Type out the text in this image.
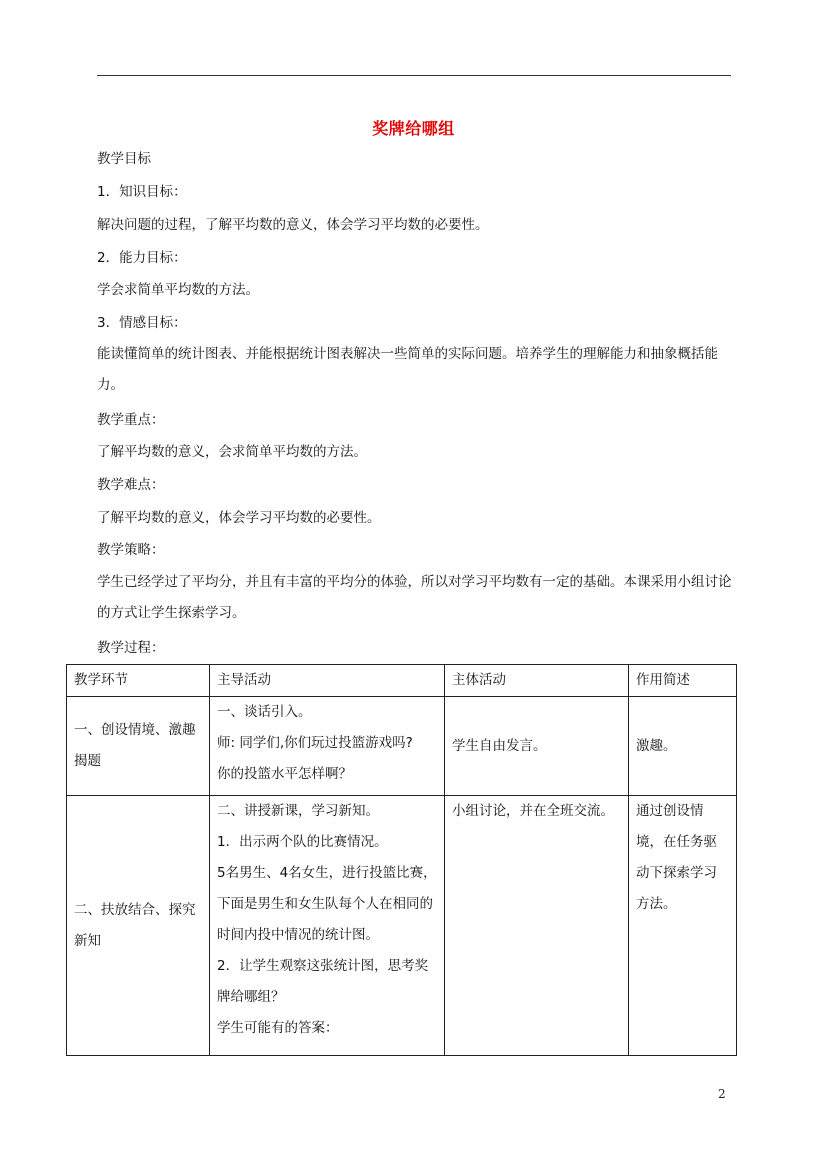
奖牌给哪组
教学目标
1．知识目标：
解决问题的过程，了解平均数的意义，体会学习平均数的必要性。
2．能力目标：
学会求简单平均数的方法。
3．情感目标：
能读懂简单的统计图表、并能根据统计图表解决一些简单的实际问题。培养学生的理解能力和抽象概括能力。
教学重点：
了解平均数的意义，会求简单平均数的方法。
教学难点：
了解平均数的意义，体会学习平均数的必要性。
教学策略：
学生已经学过了平均分，并且有丰富的平均分的体验，所以对学习平均数有一定的基础。本课采用小组讨论的方式让学生探索学习。
教学过程：
教学环节	主导活动	主体活动	作用简述
一、创设情境、激趣揭题	一、谈话引入。
师: 同学们,你们玩过投篮游戏吗?
你的投篮水平怎样啊？	学生自由发言。	激趣。
二、扶放结合、探究新知	二、讲授新课，学习新知。
1．出示两个队的比赛情况。
5名男生、4名女生，进行投篮比赛，下面是男生和女生队每个人在相同的时间内投中情况的统计图。
2．让学生观察这张统计图，思考奖牌给哪组？
学生可能有的答案：	小组讨论，并在全班交流。	通过创设情境，在任务驱动下探索学习方法。
2
